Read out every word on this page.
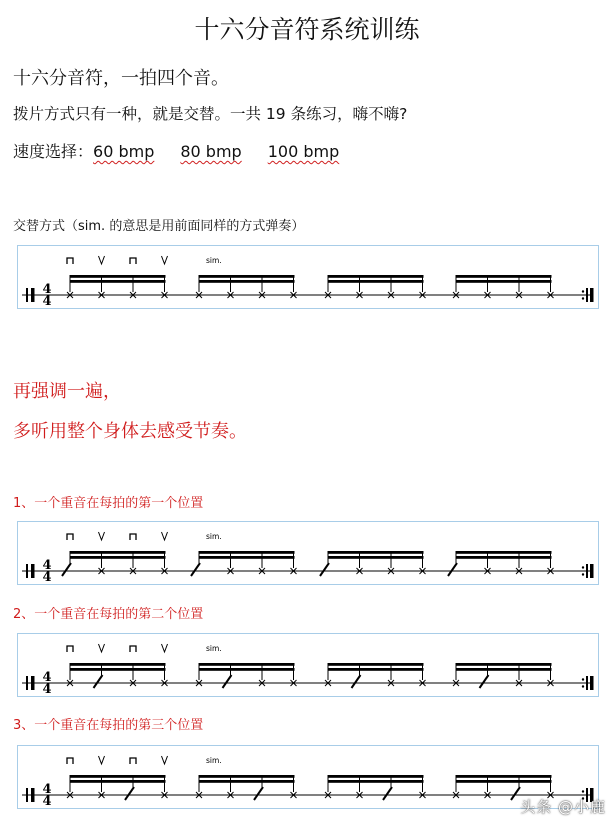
十六分音符系统训练
十六分音符，一拍四个音。
拨片方式只有一种，就是交替。一共 19 条练习，嗨不嗨?
速度选择：60 bmp 80 bmp 100 bmp
交替方式（sim. 的意思是用前面同样的方式弹奏）
4
4
sim.
再强调一遍，
多听用整个身体去感受节奏。
1、一个重音在每拍的第一个位置
4
4
sim.
2、一个重音在每拍的第二个位置
4
4
sim.
3、一个重音在每拍的第三个位置
4
4
sim.
头条 @小鹿
